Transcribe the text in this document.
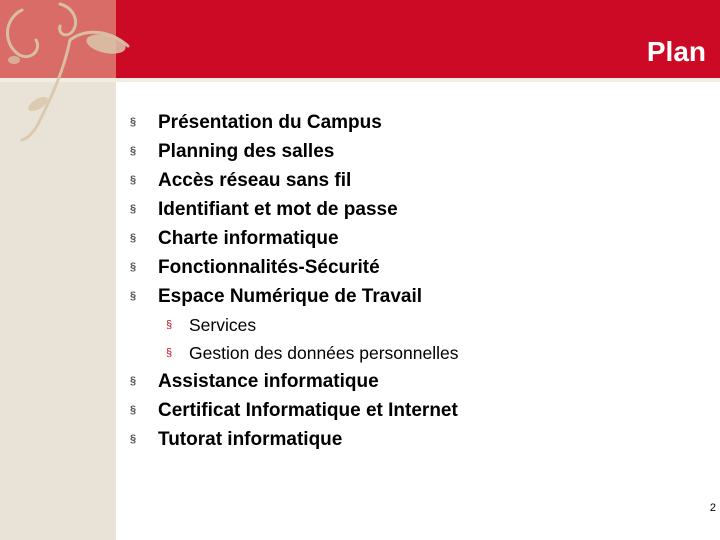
Plan
§ Présentation du Campus
§ Planning des salles
§ Accès réseau sans fil
§ Identifiant et mot de passe
§ Charte informatique
§ Fonctionnalités-Sécurité
§ Espace Numérique de Travail
§ Services
§ Gestion des données personnelles
§ Assistance informatique
§ Certificat Informatique et Internet
§ Tutorat informatique
2
